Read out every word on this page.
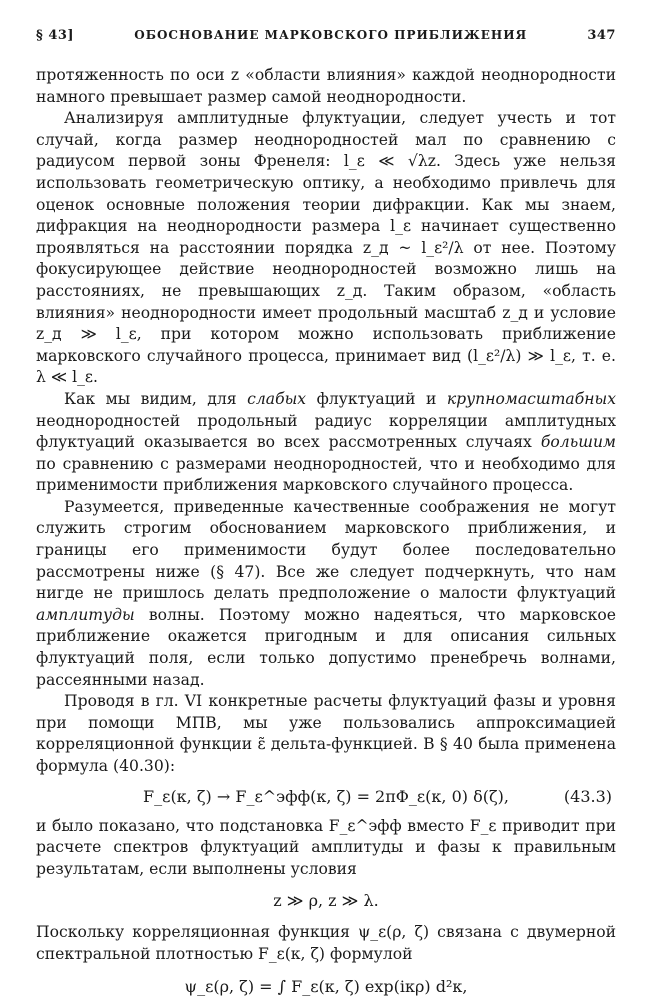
§ 43]	ОБОСНОВАНИЕ МАРКОВСКОГО ПРИБЛИЖЕНИЯ	347

протяженность по оси z «области влияния» каждой неоднородности намного превышает размер самой неоднородности.

Анализируя амплитудные флуктуации, следует учесть и тот случай, когда размер неоднородностей мал по сравнению с радиусом первой зоны Френеля: l_ε ≪ √λz. Здесь уже нельзя использовать геометрическую оптику, а необходимо привлечь для оценок основные положения теории дифракции. Как мы знаем, дифракция на неоднородности размера l_ε начинает существенно проявляться на расстоянии порядка z_д ~ l_ε²/λ от нее. Поэтому фокусирующее действие неоднородностей возможно лишь на расстояниях, не превышающих z_д. Таким образом, «область влияния» неоднородности имеет продольный масштаб z_д и условие z_д ≫ l_ε, при котором можно использовать приближение марковского случайного процесса, принимает вид (l_ε²/λ) ≫ l_ε, т. е. λ ≪ l_ε.

Как мы видим, для слабых флуктуаций и крупномасштабных неоднородностей продольный радиус корреляции амплитудных флуктуаций оказывается во всех рассмотренных случаях большим по сравнению с размерами неоднородностей, что и необходимо для применимости приближения марковского случайного процесса.

Разумеется, приведенные качественные соображения не могут служить строгим обоснованием марковского приближения, и границы его применимости будут более последовательно рассмотрены ниже (§ 47). Все же следует подчеркнуть, что нам нигде не пришлось делать предположение о малости флуктуаций амплитуды волны. Поэтому можно надеяться, что марковское приближение окажется пригодным и для описания сильных флуктуаций поля, если только допустимо пренебречь волнами, рассеянными назад.

Проводя в гл. VI конкретные расчеты флуктуаций фазы и уровня при помощи МПВ, мы уже пользовались аппроксимацией корреляционной функции ε̃ дельта-функцией. В § 40 была применена формула (40.30):

F_ε(κ, ζ) → F_ε^эфф(κ, ζ) = 2πΦ_ε(κ, 0) δ(ζ),	(43.3)

и было показано, что подстановка F_ε^эфф вместо F_ε приводит при расчете спектров флуктуаций амплитуды и фазы к правильным результатам, если выполнены условия

z ≫ ρ, z ≫ λ.

Поскольку корреляционная функция ψ_ε(ρ, ζ) связана с двумерной спектральной плотностью F_ε(κ, ζ) формулой

ψ_ε(ρ, ζ) = ∫ F_ε(κ, ζ) exp(iκρ) d²κ,
